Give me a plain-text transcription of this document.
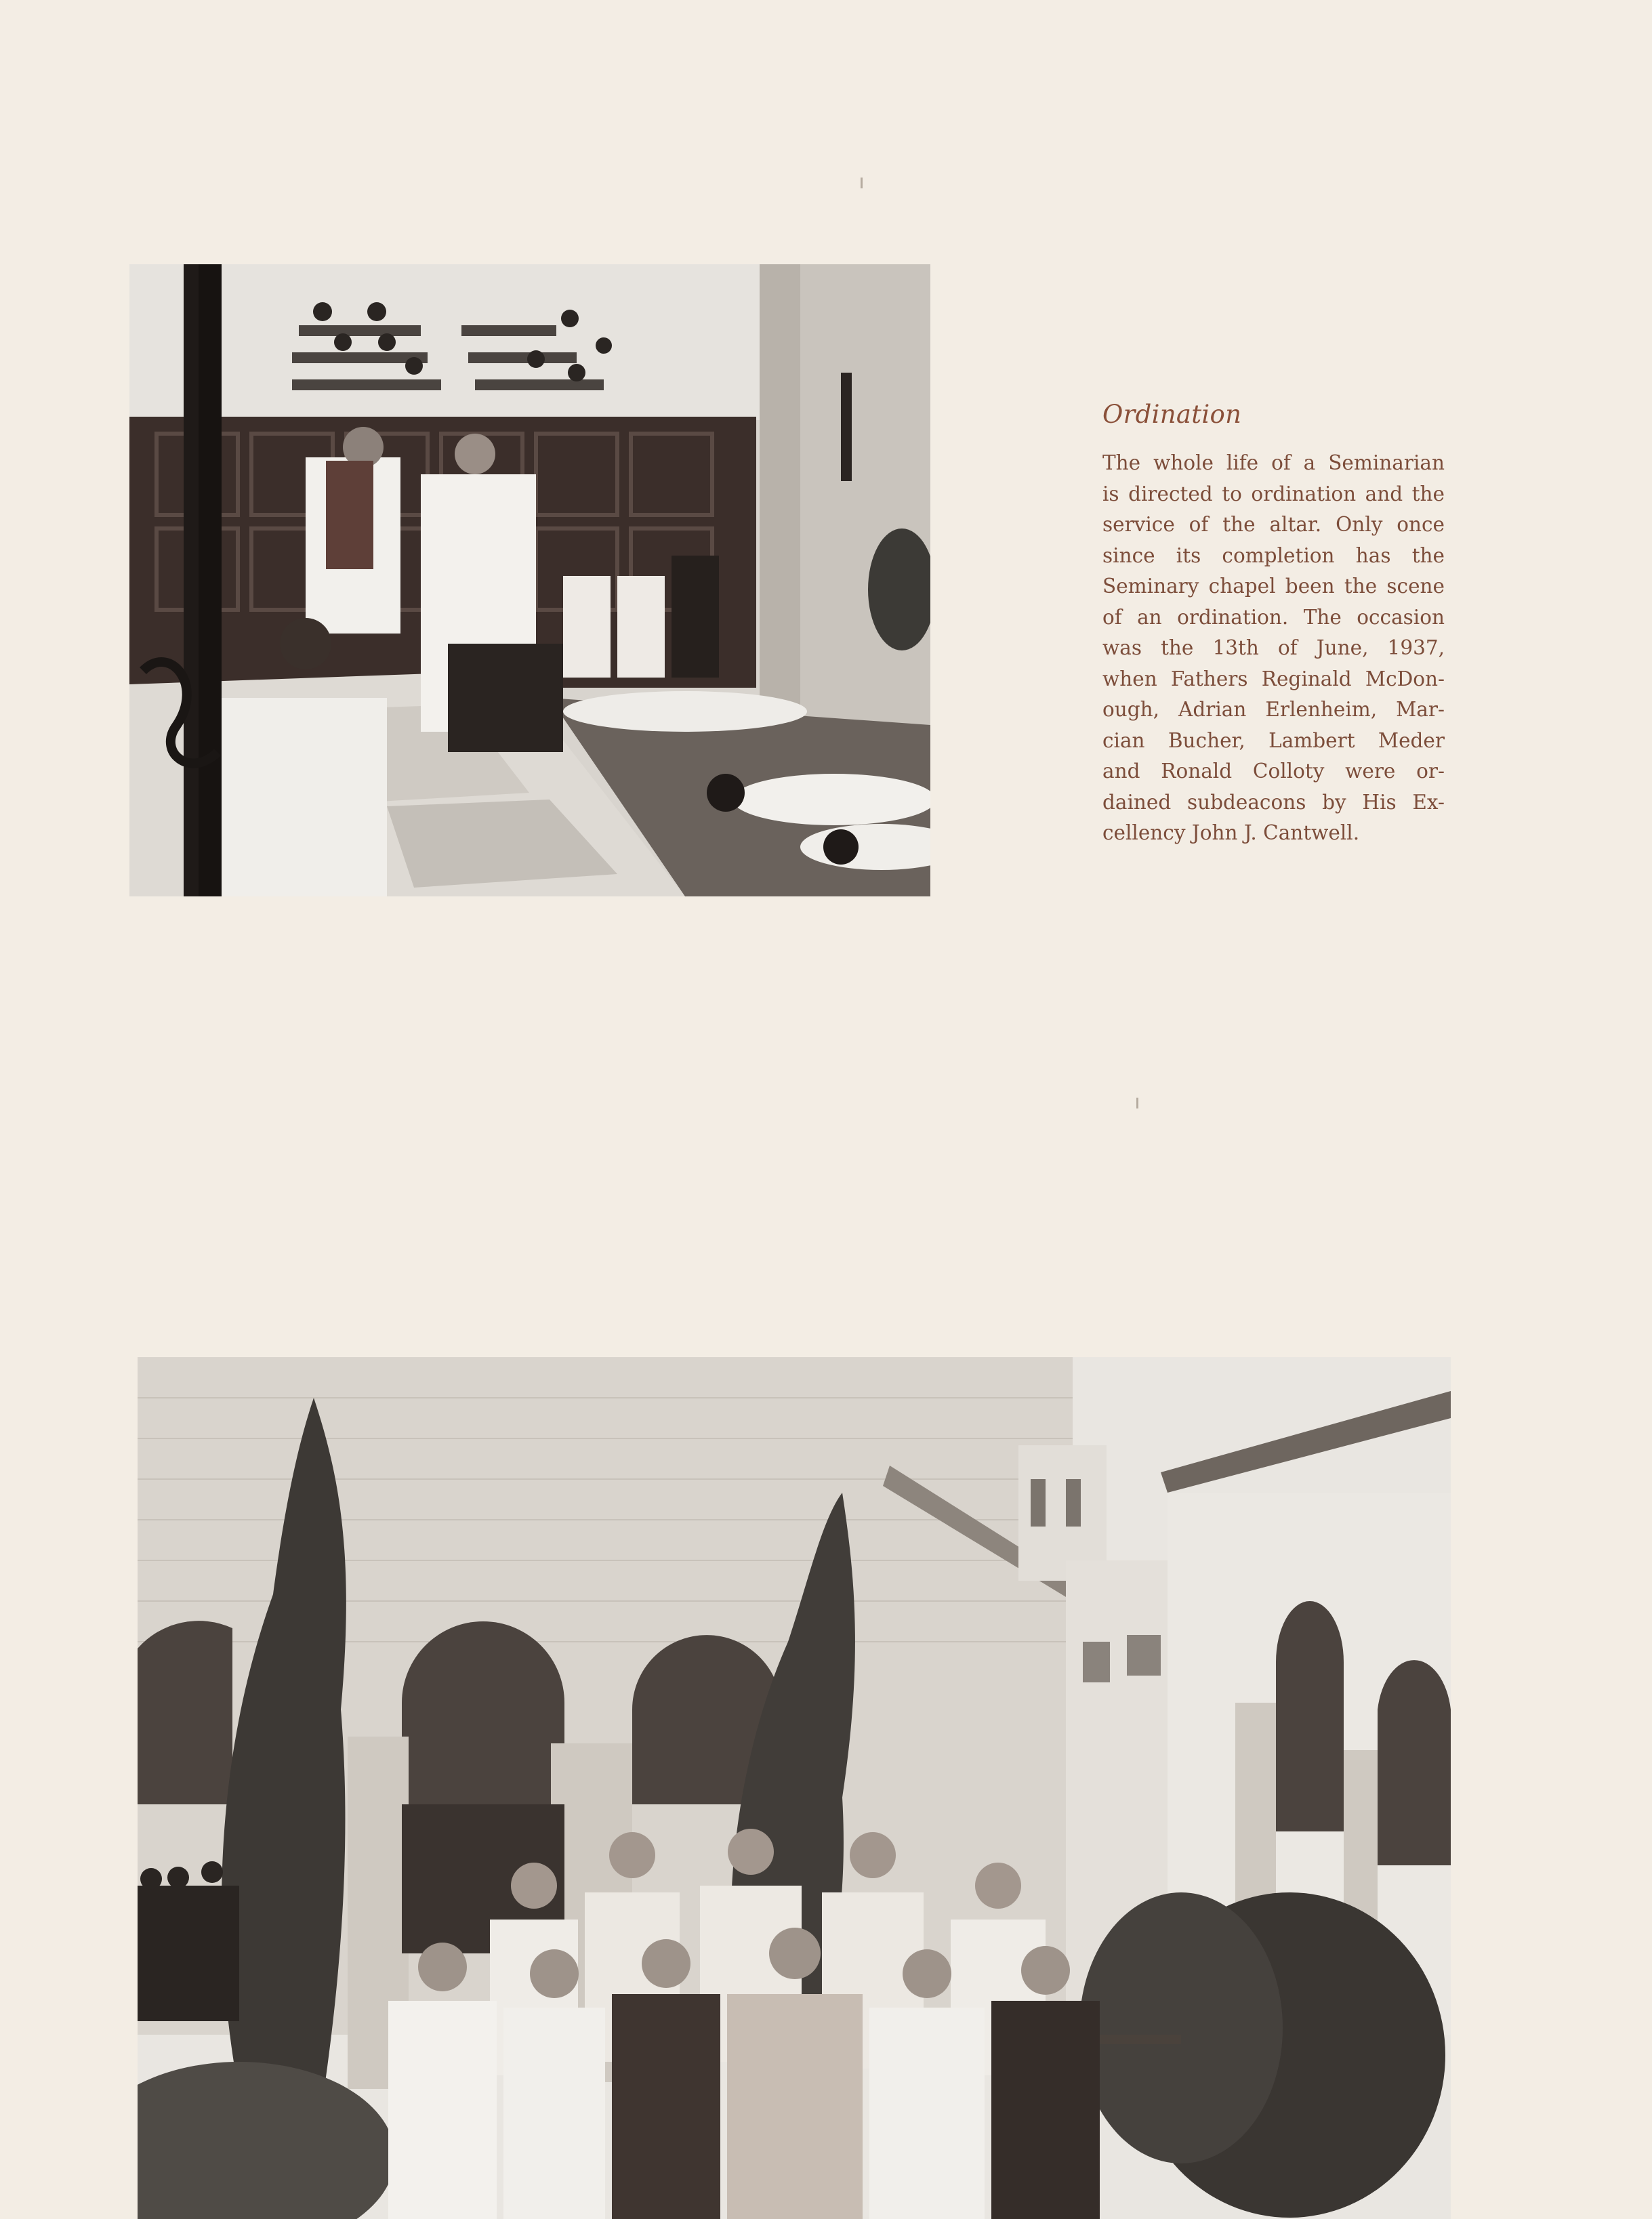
Ordination

The whole life of a Seminarian
is directed to ordination and the
service of the altar. Only once
since its completion has the
Seminary chapel been the scene
of an ordination. The occasion
was the 13th of June, 1937,
when Fathers Reginald McDon-
ough, Adrian Erlenheim, Mar-
cian Bucher, Lambert Meder
and Ronald Colloty were or-
dained subdeacons by His Ex-
cellency John J. Cantwell.
